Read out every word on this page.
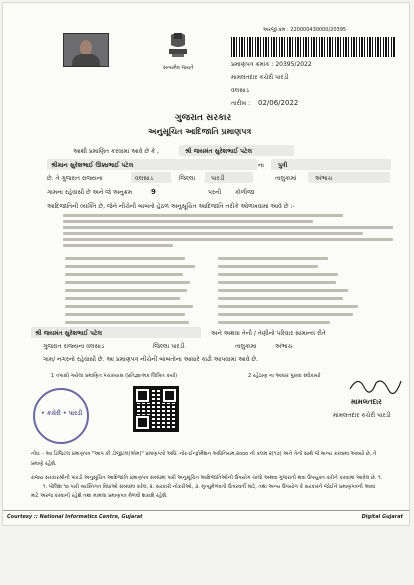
સત્યમેવ જયતે
અરજી ક્રમ : 220000430000/20395
પ્રમાણપત્ર ક્રમાંક : 20395/2022
મામલતદાર કચેરી પારડી
વલસાડ
તારીખ : 02/06/2022
ગુજરાત સરકાર
અનુસૂચિત આદિજાતિ પ્રમાણપત્ર
આથી પ્રમાણિત કરવામાં આવે છે કે ,	શ્રી જયમંત સુરેશભાઈ પટેલ
શ્રીમાન સુરેશભાઈ ઊક્કાભાઈ પટેલ	ના પુત્રી
છે. તે ગુજરાત રાજ્યના	વલસાડ	જિલ્લા	પારડી	તાલુકામાં	અંભાચ
ગામના રહેવાસી છે અને જે અનુક્રમ	9	પરની કોળીજા
આદિજાતિની વ્યક્તિ છે, જેને નીચેની બાબતો હેઠળ અનુસૂચિત આદિજાતિ તરીકે ઓળખવામાં આવે છે :-
શ્રી જયમંત સુરેશભાઈ પટેલ	અને અથવા તેની / તેણીનો પરિવાર સામાન્ય રીતે
ગુજરાત રાજ્યના વલસાડ	જિલ્લા પારડી	તાલુકામા	અંભાચ
ગામ/ નગરનો રહેવાસી છે. આ પ્રમાણપત્ર નીચેની બાબતોના આધારે કાઢી આપવામાં આવે છે.
1 તપાસી ગયેલા પ્રમાણિત પંચકયાસ (પ્રતિજ્ઞાત્મક લિખિત કર્યા)	2 રહેઠાણ ના આધાર પુરાવા સ્વીકાર્યા
• કચેરી • પારડી
મામલતદાર
મામલતદાર કચેરી પારડી
નોંધ: - આ ડિજિટલ પ્રમાણપત્ર "આપ કી ડીજીટલ(એમ)" પ્રમાણપત્રો અધિ. નોર-ઈન્ફોર્મેશન અધિનિયમ,૨૦૦૦ ની કલમ ૨(૧૭) અને તેની સાથે જે માન્ય કરવામાં આવ્યો છે, તે
પ્રમાણે રહેશે.
રાજ્ય સરકારશ્રીની પારડી અનુસૂચિત આદિજાતિ પ્રમાણપત્ર સંબંધમાં પારી અનુસૂચિત આદિજાતિઓની ઉપયોગ ચાલો અથવા ગુજરાતી થવા ઉપયુક્ત કરીને કરવામાં આવેલ છે. ૧.
૧. પોલિશ ૧૦ પારી વ્યક્તિગત વિધાઓ સંબંધમાં કરેલ, ૨. સરકારી નોકરીઓ, ૩. મૃત્યુમેળવતી ઉત્તરવર્તી માટે, તથા અન્ય ઉપયોગ કે સરકારને જોઈને પ્રમાણપત્રની આવાં
માટે અરજ કરવાની રહેશે તથા મામલા પ્રમાણપત્ર મેળવી શકાશે રહેશે.
Courtesy :: National Informatics Centre, Gujarat	Digital Gujarat
